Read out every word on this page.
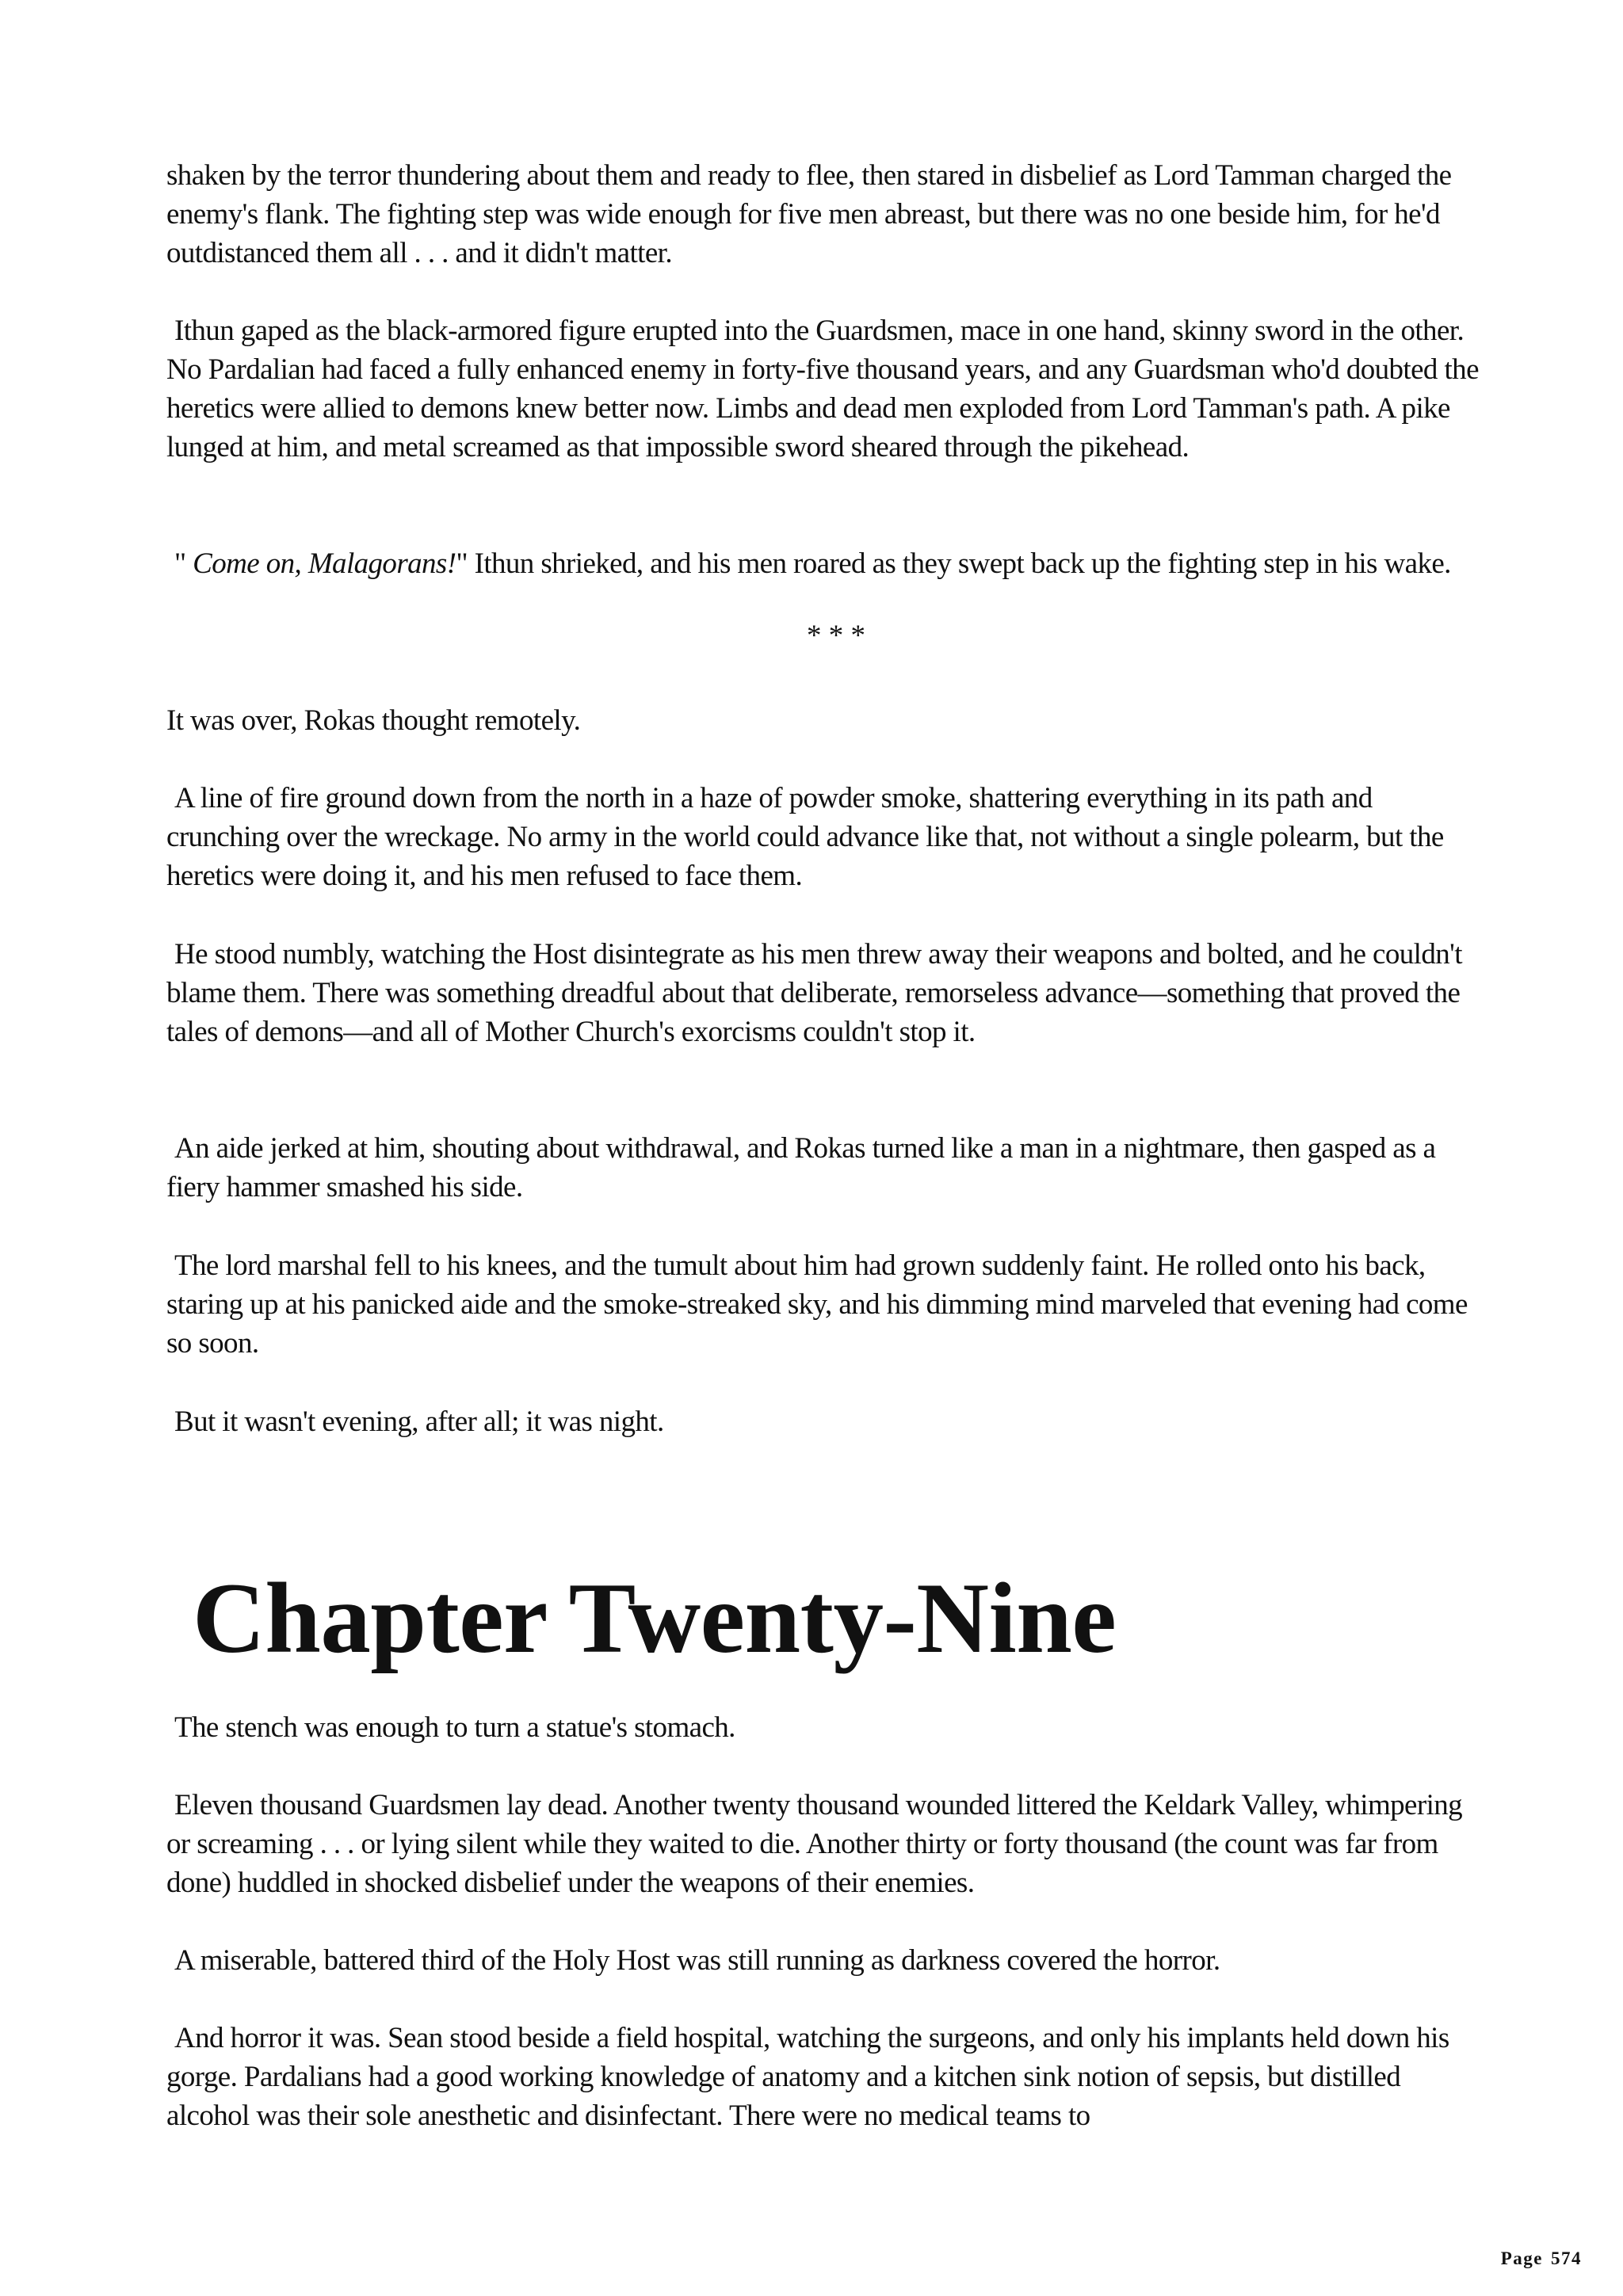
shaken by the terror thundering about them and ready to flee, then stared in disbelief as Lord Tamman charged the enemy's flank. The fighting step was wide enough for five men abreast, but there was no one beside him, for he'd outdistanced them all . . . and it didn't matter.

Ithun gaped as the black-armored figure erupted into the Guardsmen, mace in one hand, skinny sword in the other. No Pardalian had faced a fully enhanced enemy in forty-five thousand years, and any Guardsman who'd doubted the heretics were allied to demons knew better now. Limbs and dead men exploded from Lord Tamman's path. A pike lunged at him, and metal screamed as that impossible sword sheared through the pikehead.

" Come on, Malagorans!" Ithun shrieked, and his men roared as they swept back up the fighting step in his wake.

* * *

It was over, Rokas thought remotely.

A line of fire ground down from the north in a haze of powder smoke, shattering everything in its path and crunching over the wreckage. No army in the world could advance like that, not without a single polearm, but the heretics were doing it, and his men refused to face them.

He stood numbly, watching the Host disintegrate as his men threw away their weapons and bolted, and he couldn't blame them. There was something dreadful about that deliberate, remorseless advance—something that proved the tales of demons—and all of Mother Church's exorcisms couldn't stop it.

An aide jerked at him, shouting about withdrawal, and Rokas turned like a man in a nightmare, then gasped as a fiery hammer smashed his side.

The lord marshal fell to his knees, and the tumult about him had grown suddenly faint. He rolled onto his back, staring up at his panicked aide and the smoke-streaked sky, and his dimming mind marveled that evening had come so soon.

But it wasn't evening, after all; it was night.

Chapter Twenty-Nine

The stench was enough to turn a statue's stomach.

Eleven thousand Guardsmen lay dead. Another twenty thousand wounded littered the Keldark Valley, whimpering or screaming . . . or lying silent while they waited to die. Another thirty or forty thousand (the count was far from done) huddled in shocked disbelief under the weapons of their enemies.

A miserable, battered third of the Holy Host was still running as darkness covered the horror.

And horror it was. Sean stood beside a field hospital, watching the surgeons, and only his implants held down his gorge. Pardalians had a good working knowledge of anatomy and a kitchen sink notion of sepsis, but distilled alcohol was their sole anesthetic and disinfectant. There were no medical teams to

Page 574
